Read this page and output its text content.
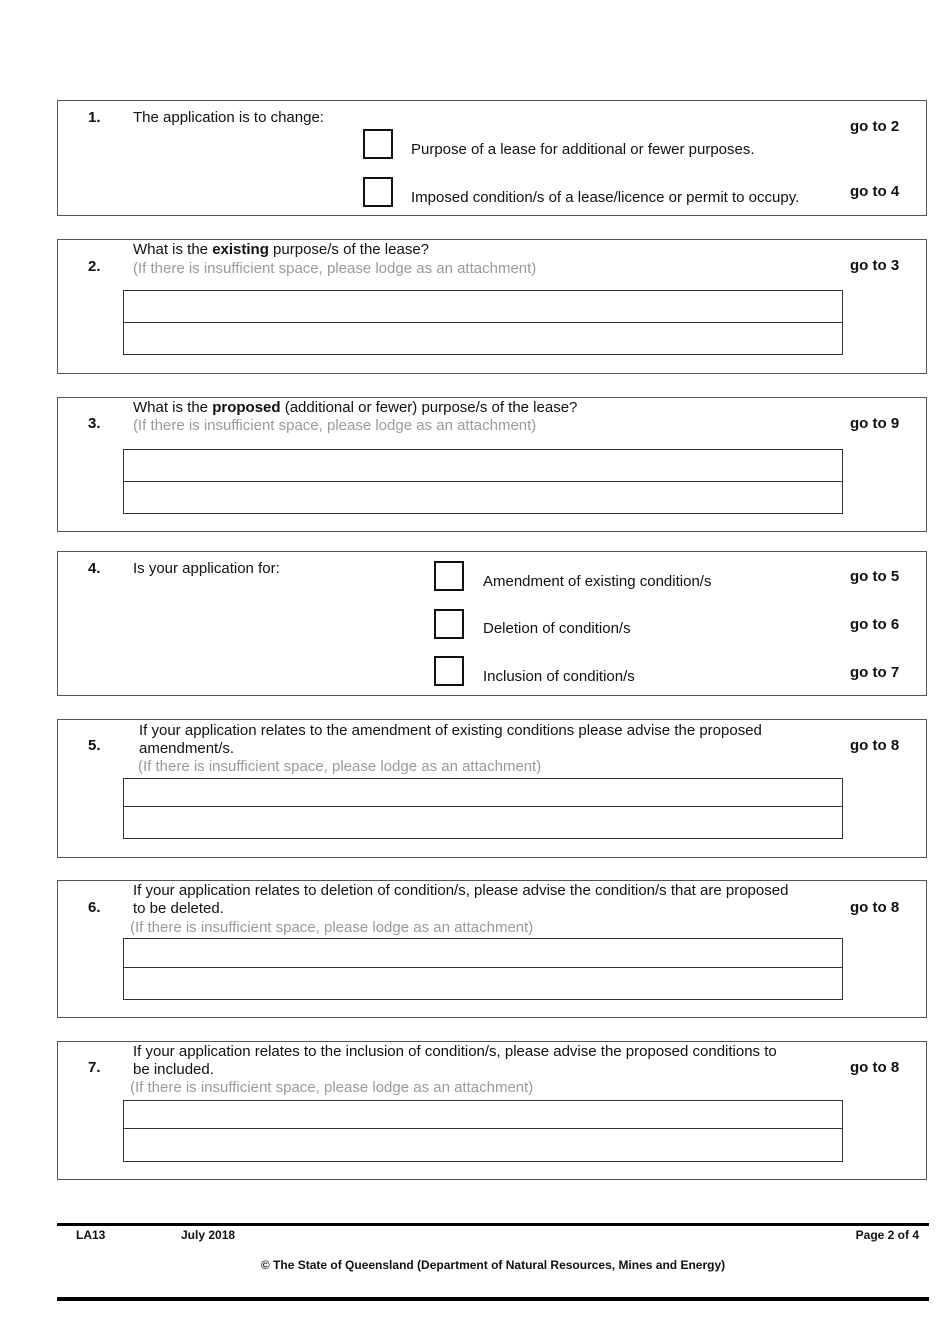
1. The application is to change:
Purpose of a lease for additional or fewer purposes.
go to 2
Imposed condition/s of a lease/licence or permit to occupy.	go to 4
2.
What is the existing purpose/s of the lease?
(If there is insufficient space, please lodge as an attachment)	go to 3
3.
What is the proposed (additional or fewer) purpose/s of the lease?
(If there is insufficient space, please lodge as an attachment)	go to 9
4. Is your application for:
Amendment of existing condition/s	go to 5
Deletion of condition/s	go to 6
Inclusion of condition/s	go to 7
5.
If your application relates to the amendment of existing conditions please advise the proposed
amendment/s.
(If there is insufficient space, please lodge as an attachment)
go to 8
6.
If your application relates to deletion of condition/s, please advise the condition/s that are proposed
to be deleted.
(If there is insufficient space, please lodge as an attachment)
go to 8
7.
If your application relates to the inclusion of condition/s, please advise the proposed conditions to
be included.
(If there is insufficient space, please lodge as an attachment)
go to 8
LA13	July 2018	Page 2 of 4
© The State of Queensland (Department of Natural Resources, Mines and Energy)
